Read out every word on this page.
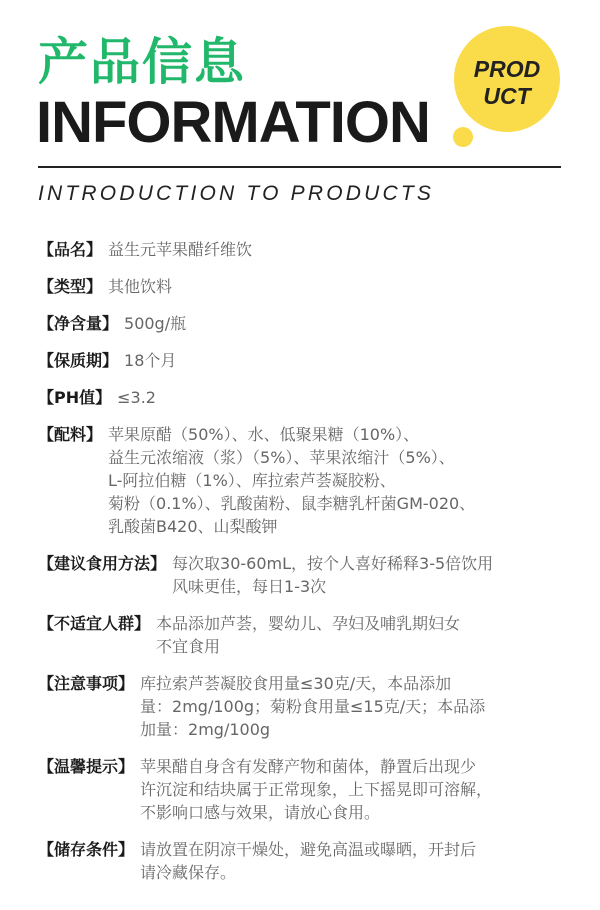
产品信息
INFORMATION
PROD
UCT
INTRODUCTION TO PRODUCTS
【品名】 益生元苹果醋纤维饮
【类型】 其他饮料
【净含量】 500g/瓶
【保质期】 18个月
【PH值】 ≤3.2
【配料】 苹果原醋（50%）、水、低聚果糖（10%）、
益生元浓缩液（浆）（5%）、苹果浓缩汁（5%）、
L-阿拉伯糖（1%）、库拉索芦荟凝胶粉、
菊粉（0.1%）、乳酸菌粉、鼠李糖乳杆菌GM-020、
乳酸菌B420、山梨酸钾
【建议食用方法】 每次取30-60mL，按个人喜好稀释3-5倍饮用
风味更佳，每日1-3次
【不适宜人群】 本品添加芦荟，婴幼儿、孕妇及哺乳期妇女
不宜食用
【注意事项】 库拉索芦荟凝胶食用量≤30克/天，本品添加
量：2mg/100g；菊粉食用量≤15克/天；本品添
加量：2mg/100g
【温馨提示】 苹果醋自身含有发酵产物和菌体，静置后出现少
许沉淀和结块属于正常现象，上下摇晃即可溶解，
不影响口感与效果，请放心食用。
【储存条件】 请放置在阴凉干燥处，避免高温或曝晒，开封后
请冷藏保存。
